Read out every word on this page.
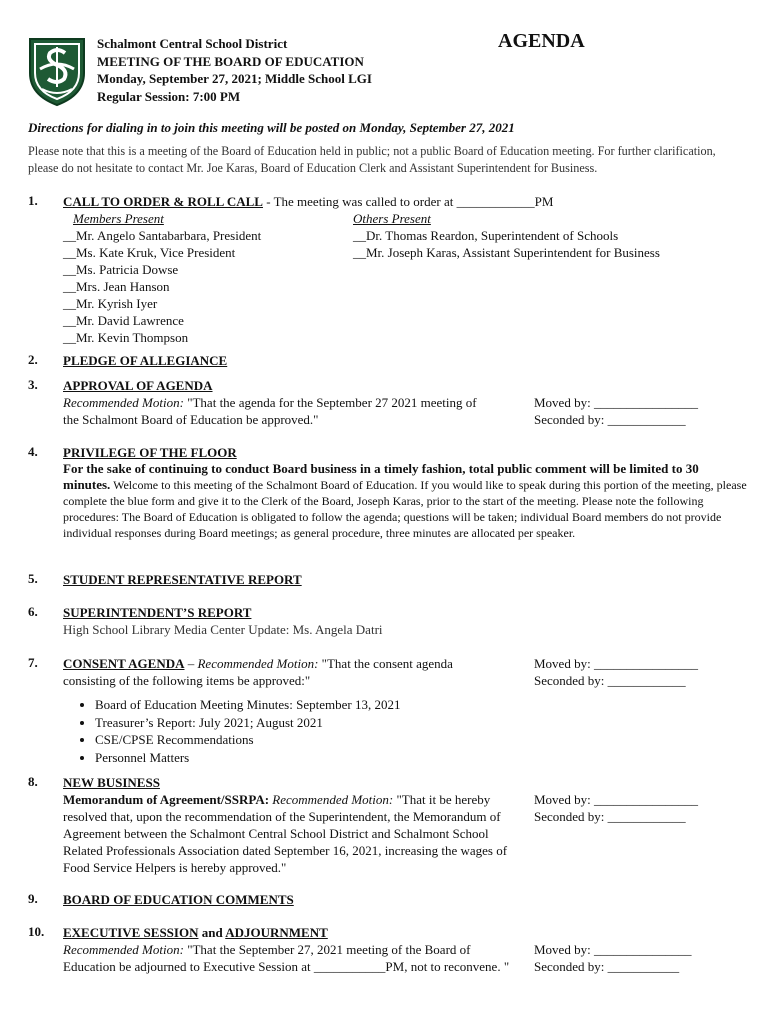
Schalmont Central School District
MEETING OF THE BOARD OF EDUCATION
Monday, September 27, 2021; Middle School LGI
Regular Session: 7:00 PM
AGENDA
Directions for dialing in to join this meeting will be posted on Monday, September 27, 2021
Please note that this is a meeting of the Board of Education held in public; not a public Board of Education meeting. For further clarification, please do not hesitate to contact Mr. Joe Karas, Board of Education Clerk and Assistant Superintendent for Business.
1. CALL TO ORDER & ROLL CALL - The meeting was called to order at ____________PM
Members Present
__Mr. Angelo Santabarbara, President
__Ms. Kate Kruk, Vice President
__Ms. Patricia Dowse
__Mrs. Jean Hanson
__Mr. Kyrish Iyer
__Mr. David Lawrence
__Mr. Kevin Thompson
Others Present
__Dr. Thomas Reardon, Superintendent of Schools
__Mr. Joseph Karas, Assistant Superintendent for Business
2. PLEDGE OF ALLEGIANCE
3. APPROVAL OF AGENDA
Recommended Motion: "That the agenda for the September 27 2021 meeting of the Schalmont Board of Education be approved."
Moved by: ________________
Seconded by: ____________
4. PRIVILEGE OF THE FLOOR
For the sake of continuing to conduct Board business in a timely fashion, total public comment will be limited to 30 minutes. Welcome to this meeting of the Schalmont Board of Education. If you would like to speak during this portion of the meeting, please complete the blue form and give it to the Clerk of the Board, Joseph Karas, prior to the start of the meeting. Please note the following procedures: The Board of Education is obligated to follow the agenda; questions will be taken; individual Board members do not provide individual responses during Board meetings; as general procedure, three minutes are allocated per speaker.
5. STUDENT REPRESENTATIVE REPORT
6. SUPERINTENDENT’S REPORT
High School Library Media Center Update: Ms. Angela Datri
7. CONSENT AGENDA – Recommended Motion: "That the consent agenda consisting of the following items be approved:"
Moved by: ________________
Seconded by: ____________
• Board of Education Meeting Minutes: September 13, 2021
• Treasurer’s Report: July 2021; August 2021
• CSE/CPSE Recommendations
• Personnel Matters
8. NEW BUSINESS
Memorandum of Agreement/SSRPA: Recommended Motion: "That it be hereby resolved that, upon the recommendation of the Superintendent, the Memorandum of Agreement between the Schalmont Central School District and Schalmont School Related Professionals Association dated September 16, 2021, increasing the wages of Food Service Helpers is hereby approved."
Moved by: ________________
Seconded by: ____________
9. BOARD OF EDUCATION COMMENTS
10. EXECUTIVE SESSION and ADJOURNMENT
Recommended Motion: "That the September 27, 2021 meeting of the Board of Education be adjourned to Executive Session at ___________PM, not to reconvene. "
Moved by: _______________
Seconded by: ___________
